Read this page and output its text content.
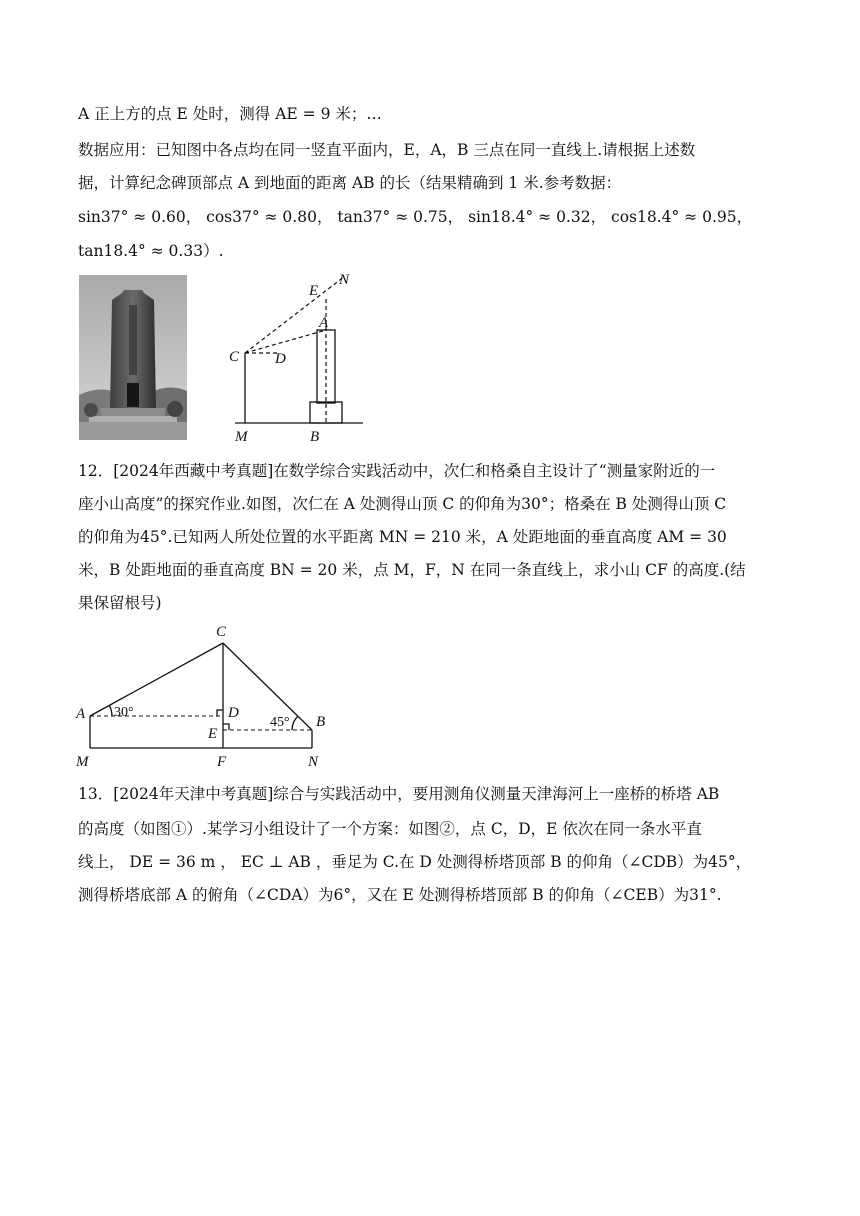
A 正上方的点 E 处时，测得 AE = 9 米；…
数据应用：已知图中各点均在同一竖直平面内，E，A，B 三点在同一直线上.请根据上述数
据，计算纪念碑顶部点 A 到地面的距离 AB 的长（结果精确到 1 米.参考数据：
sin37° ≈ 0.60， cos37° ≈ 0.80， tan37° ≈ 0.75， sin18.4° ≈ 0.32， cos18.4° ≈ 0.95，
tan18.4° ≈ 0.33）.
N
E
A
C D
M	B
12．[2024年西藏中考真题]在数学综合实践活动中，次仁和格桑自主设计了“测量家附近的一
座小山高度”的探究作业.如图，次仁在 A 处测得山顶 C 的仰角为30°；格桑在 B 处测得山顶 C
的仰角为45°.已知两人所处位置的水平距离 MN = 210 米，A 处距地面的垂直高度 AM = 30
米，B 处距地面的垂直高度 BN = 20 米，点 M，F，N 在同一条直线上，求小山 CF 的高度.(结
果保留根号)
C
A	D
B
E
M	F	N
30°
45°
13．[2024年天津中考真题]综合与实践活动中，要用测角仪测量天津海河上一座桥的桥塔 AB
的高度（如图①）.某学习小组设计了一个方案：如图②，点 C，D，E 依次在同一条水平直
线上， DE = 36 m ， EC ⊥ AB ，垂足为 C.在 D 处测得桥塔顶部 B 的仰角（∠CDB）为45°，
测得桥塔底部 A 的俯角（∠CDA）为6°，又在 E 处测得桥塔顶部 B 的仰角（∠CEB）为31°.
